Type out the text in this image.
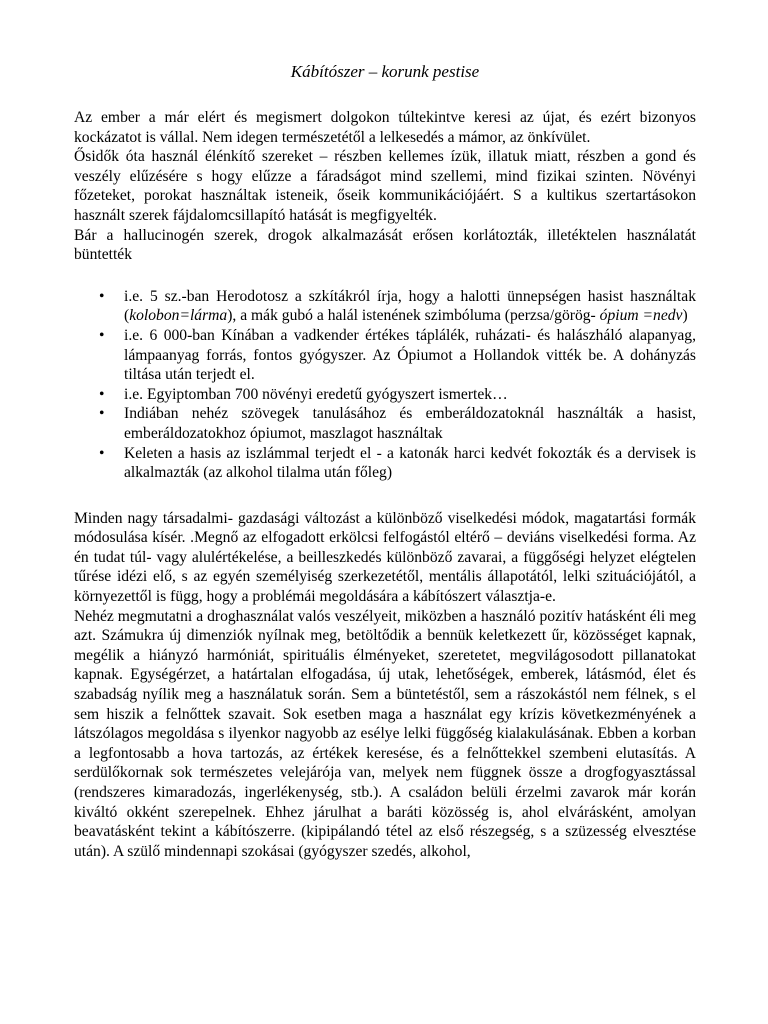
Kábítószer – korunk pestise

Az ember a már elért és megismert dolgokon túltekintve keresi az újat, és ezért bizonyos kockázatot is vállal. Nem idegen természetétől a lelkesedés a mámor, az önkívület.

Ősidők óta használ élénkítő szereket – részben kellemes ízük, illatuk miatt, részben a gond és veszély elűzésére s hogy elűzze a fáradságot mind szellemi, mind fizikai szinten. Növényi főzeteket, porokat használtak isteneik, őseik kommunikációjáért. S a kultikus szertartásokon használt szerek fájdalomcsillapító hatását is megfigyelték.

Bár a hallucinogén szerek, drogok alkalmazását erősen korlátozták, illetéktelen használatát büntették

• i.e. 5 sz.-ban Herodotosz a szkítákról írja, hogy a halotti ünnepségen hasist használtak (kolobon=lárma), a mák gubó a halál istenének szimbóluma (perzsa/görög- ópium =nedv)
• i.e. 6 000-ban Kínában a vadkender értékes táplálék, ruházati- és halászháló alapanyag, lámpaanyag forrás, fontos gyógyszer. Az Ópiumot a Hollandok vitték be. A dohányzás tiltása után terjedt el.
• i.e. Egyiptomban 700 növényi eredetű gyógyszert ismertek…
• Indiában nehéz szövegek tanulásához és emberáldozatoknál használták a hasist, emberáldozatokhoz ópiumot, maszlagot használtak
• Keleten a hasis az iszlámmal terjedt el - a katonák harci kedvét fokozták és a dervisek is alkalmazták (az alkohol tilalma után főleg)

Minden nagy társadalmi- gazdasági változást a különböző viselkedési módok, magatartási formák módosulása kísér. .Megnő az elfogadott erkölcsi felfogástól eltérő – deviáns viselkedési forma. Az én tudat túl- vagy alulértékelése, a beilleszkedés különböző zavarai, a függőségi helyzet elégtelen tűrése idézi elő, s az egyén személyiség szerkezetétől, mentális állapotától, lelki szituációjától, a környezettől is függ, hogy a problémái megoldására a kábítószert választja-e.

Nehéz megmutatni a droghasználat valós veszélyeit, miközben a használó pozitív hatásként éli meg azt. Számukra új dimenziók nyílnak meg, betöltődik a bennük keletkezett űr, közösséget kapnak, megélik a hiányzó harmóniát, spirituális élményeket, szeretetet, megvilágosodott pillanatokat kapnak. Egységérzet, a határtalan elfogadása, új utak, lehetőségek, emberek, látásmód, élet és szabadság nyílik meg a használatuk során. Sem a büntetéstől, sem a rászokástól nem félnek, s el sem hiszik a felnőttek szavait. Sok esetben maga a használat egy krízis következményének a látszólagos megoldása s ilyenkor nagyobb az esélye lelki függőség kialakulásának. Ebben a korban a legfontosabb a hova tartozás, az értékek keresése, és a felnőttekkel szembeni elutasítás. A serdülőkornak sok természetes velejárója van, melyek nem függnek össze a drogfogyasztással (rendszeres kimaradozás, ingerlékenység, stb.). A családon belüli érzelmi zavarok már korán kiváltó okként szerepelnek. Ehhez járulhat a baráti közösség is, ahol elvárásként, amolyan beavatásként tekint a kábítószerre. (kipipálandó tétel az első részegség, s a szüzesség elvesztése után). A szülő mindennapi szokásai (gyógyszer szedés, alkohol,
